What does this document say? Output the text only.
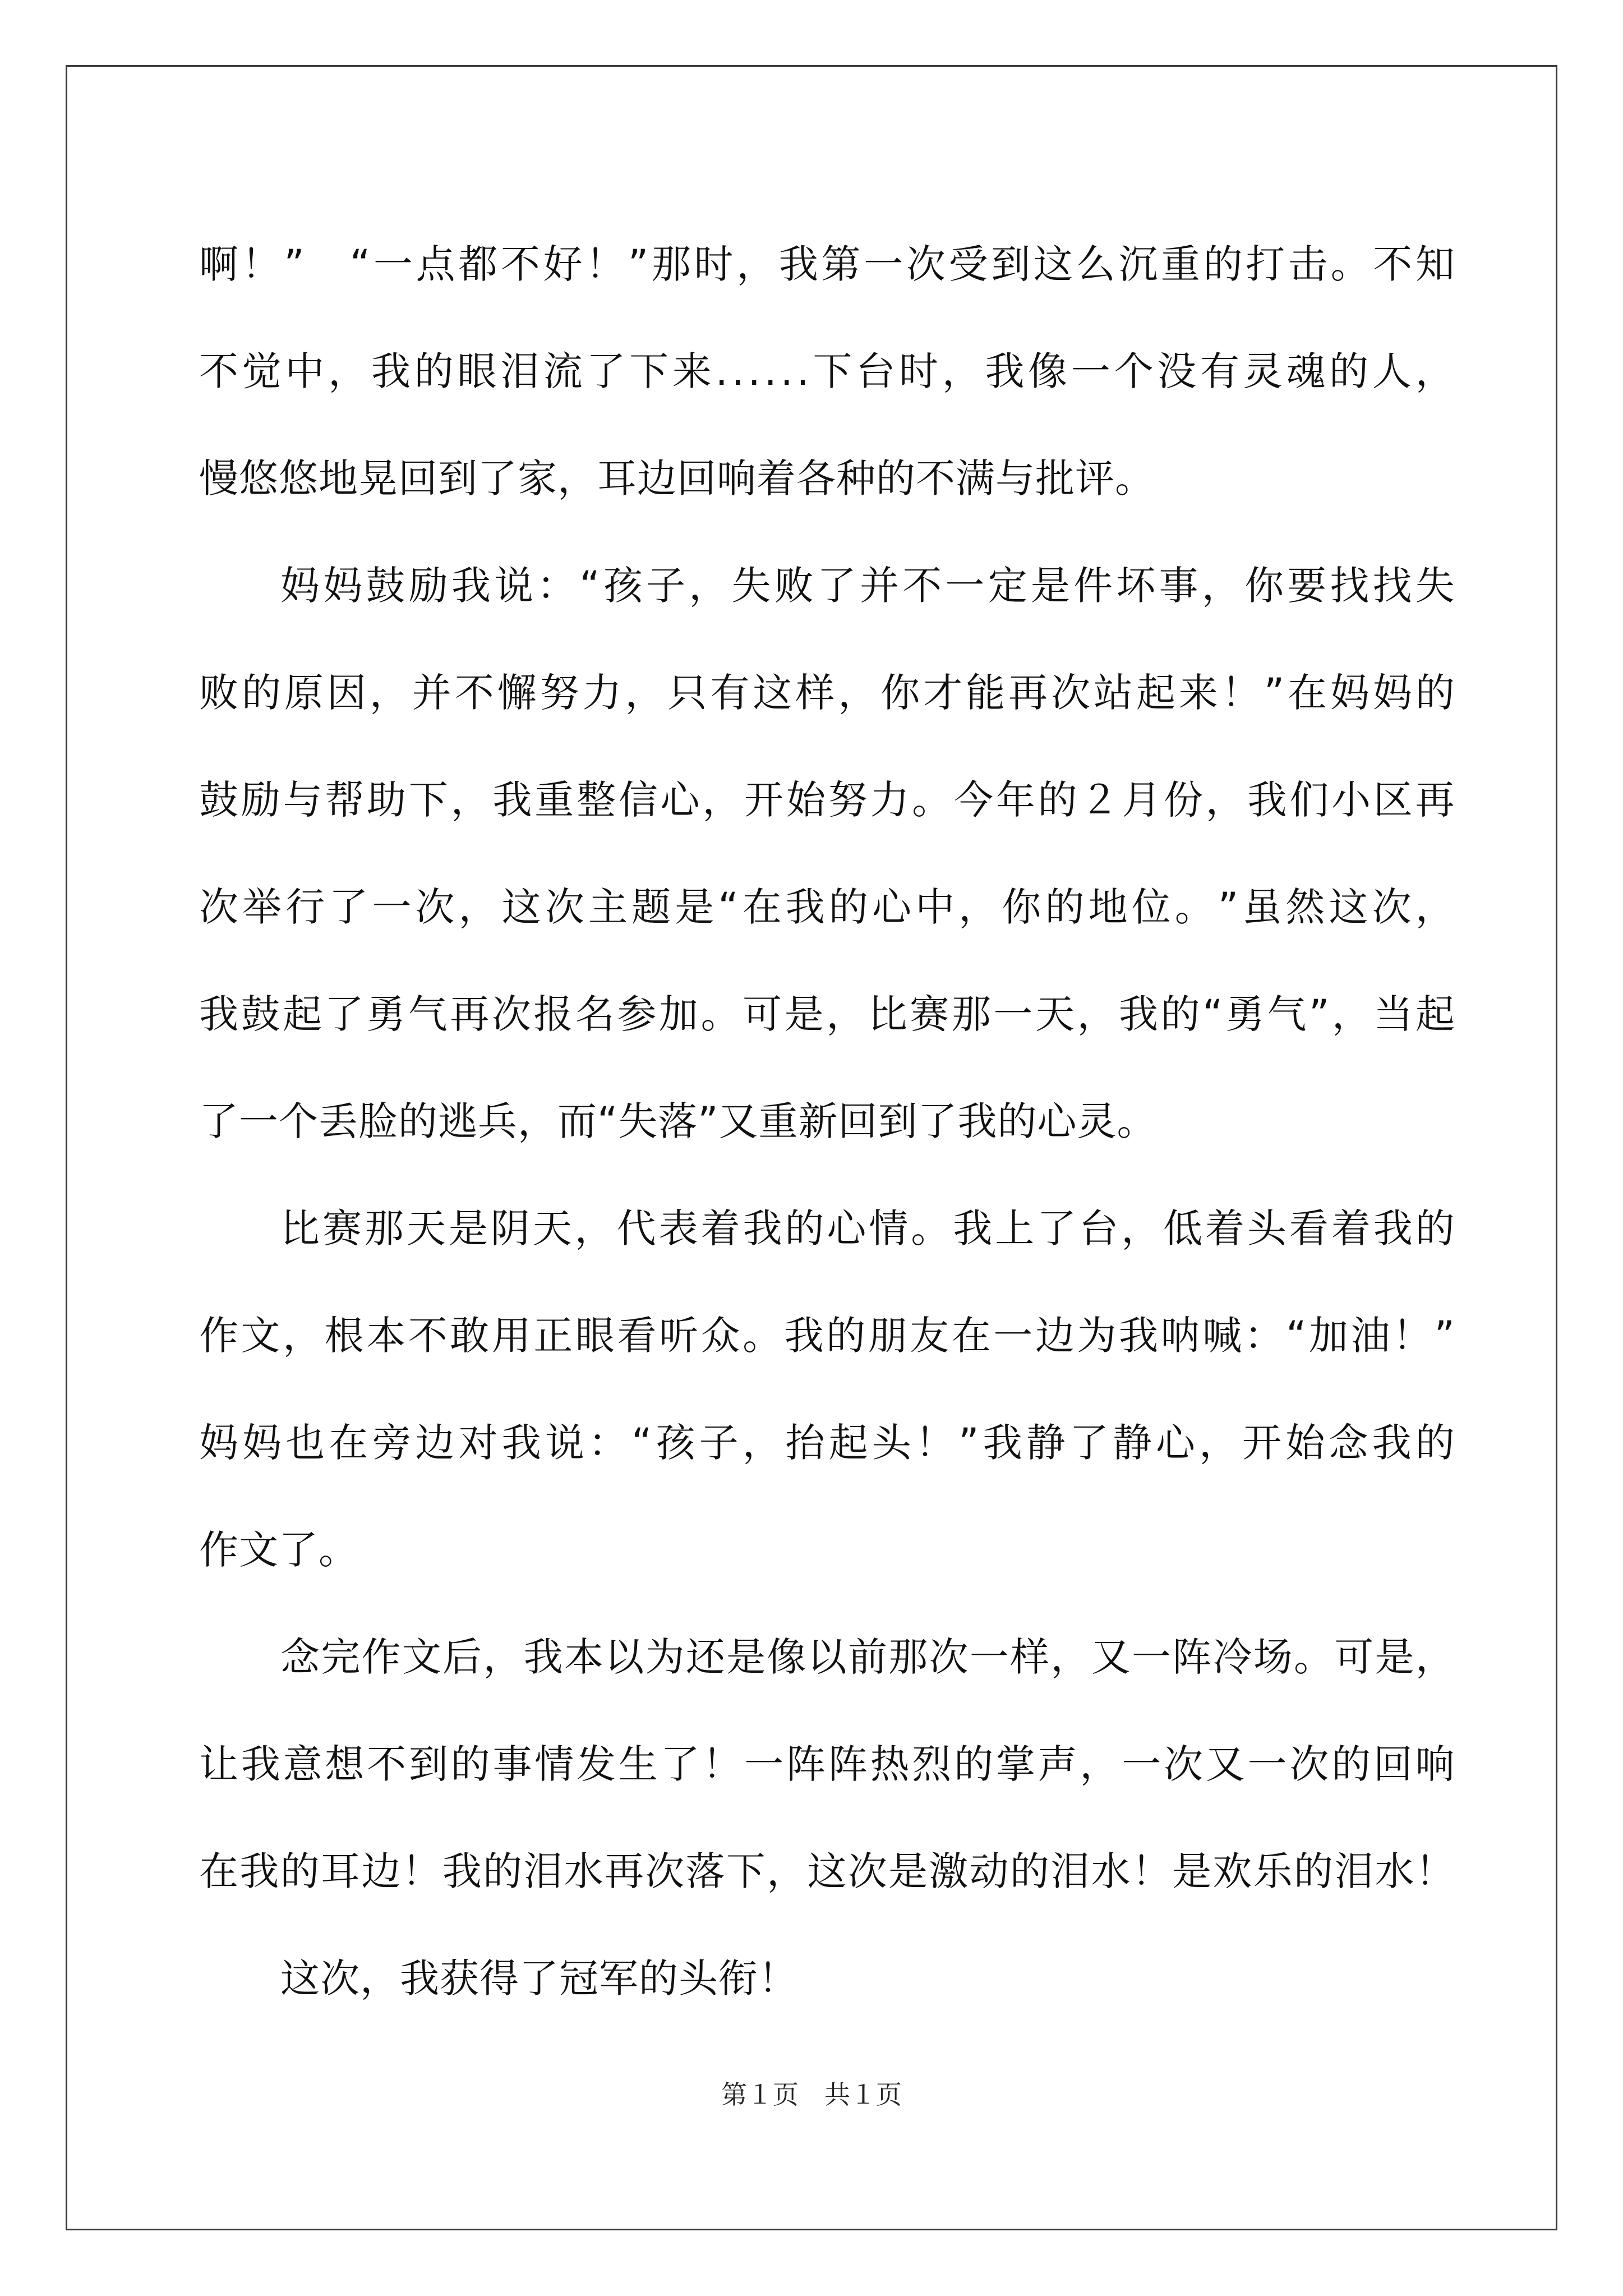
啊 ！ ”
　 “ 一 点 都 不 好 ！ ” 那 时 ， 我 第 一 次 受 到 这 么 沉 重 的 打 击 。 不 知
不 觉 中 ， 我 的 眼 泪 流 了 下 来 . . . . . . 下 台 时 ， 我 像 一 个 没 有 灵 魂 的 人 ，
慢悠悠地晃回到了家，耳边回响着各种的不满与批评。
妈 妈 鼓 励 我 说 ： “ 孩 子 ， 失 败 了 并 不 一 定 是 件 坏 事 ， 你 要 找 找 失
败 的 原 因 ， 并 不 懈 努 力 ， 只 有 这 样 ， 你 才 能 再 次 站 起 来 ！ ” 在 妈 妈 的
鼓 励 与 帮 助 下 ， 我 重 整 信 心 ， 开 始 努 力 。 今 年 的 ２ 月 份 ， 我 们 小 区 再
次 举 行 了 一 次 ， 这 次 主 题 是 “ 在 我 的 心 中 ， 你 的 地 位 。 ” 虽 然 这 次 ，
我 鼓 起 了 勇 气 再 次 报 名 参 加 。 可 是 ， 比 赛 那 一 天 ， 我 的 “ 勇 气 ” ， 当 起
了一个丢脸的逃兵，而“失落”又重新回到了我的心灵。
比 赛 那 天 是 阴 天 ， 代 表 着 我 的 心 情 。 我 上 了 台 ， 低 着 头 看 着 我 的
作 文 ， 根 本 不 敢 用 正 眼 看 听 众 。 我 的 朋 友 在 一 边 为 我 呐 喊 ： “ 加 油 ！ ”
妈 妈 也 在 旁 边 对 我 说 ： “ 孩 子 ， 抬 起 头 ！ ” 我 静 了 静 心 ， 开 始 念 我 的
作文了。
念 完 作 文 后 ， 我 本 以 为 还 是 像 以 前 那 次 一 样 ， 又 一 阵 冷 场 。 可 是 ，
让 我 意 想 不 到 的 事 情 发 生 了 ！ 一 阵 阵 热 烈 的 掌 声 ， 一 次 又 一 次 的 回 响
在 我 的 耳 边 ！ 我 的 泪 水 再 次 落 下 ， 这 次 是 激 动 的 泪 水 ！ 是 欢 乐 的 泪 水 ！
这次，我获得了冠军的头衔！
第１页 共１页
